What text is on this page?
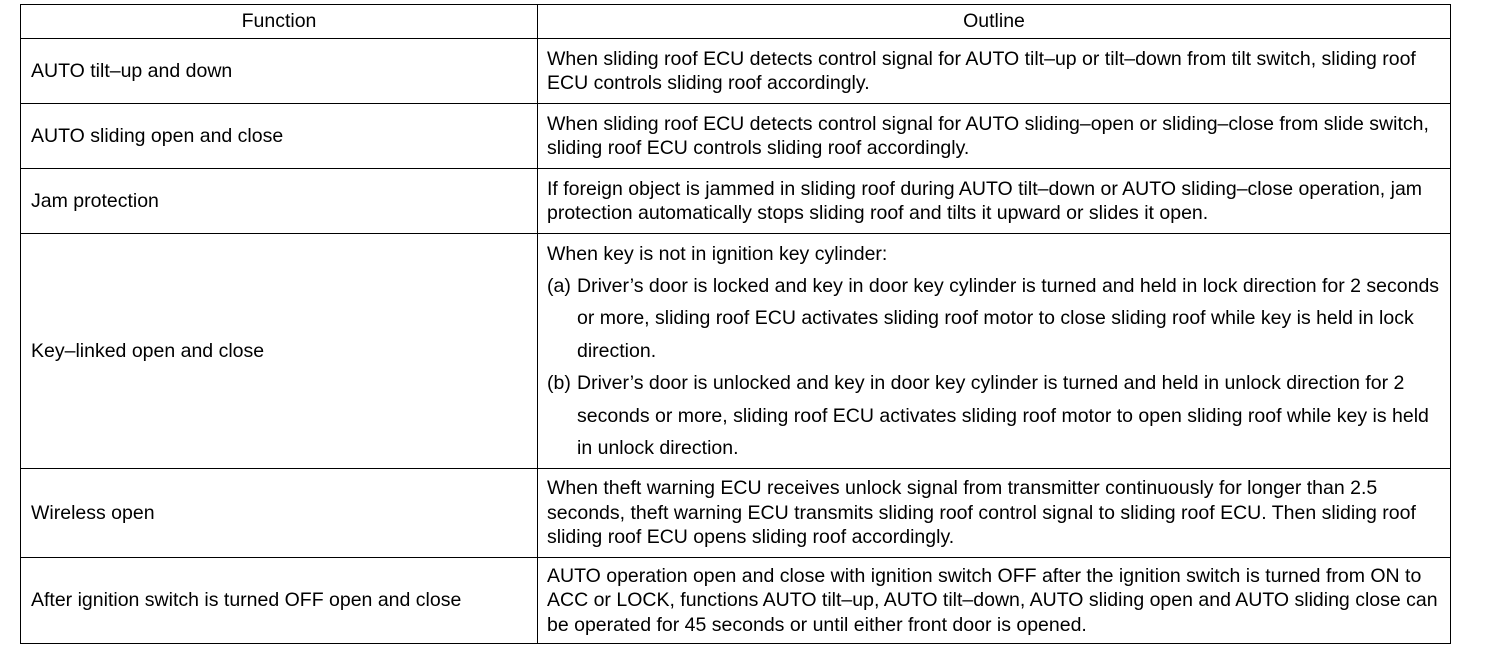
Function	Outline
AUTO tilt–up and down	When sliding roof ECU detects control signal for AUTO tilt–up or tilt–down from tilt switch, sliding roof ECU controls sliding roof accordingly.
AUTO sliding open and close	When sliding roof ECU detects control signal for AUTO sliding–open or sliding–close from slide switch, sliding roof ECU controls sliding roof accordingly.
Jam protection	If foreign object is jammed in sliding roof during AUTO tilt–down or AUTO sliding–close operation, jam protection automatically stops sliding roof and tilts it upward or slides it open.
Key–linked open and close	When key is not in ignition key cylinder:
(a) Driver’s door is locked and key in door key cylinder is turned and held in lock direction for 2 seconds or more, sliding roof ECU activates sliding roof motor to close sliding roof while key is held in lock direction.
(b) Driver’s door is unlocked and key in door key cylinder is turned and held in unlock direction for 2 seconds or more, sliding roof ECU activates sliding roof motor to open sliding roof while key is held in unlock direction.

Wireless open	When theft warning ECU receives unlock signal from transmitter continuously for longer than 2.5 seconds, theft warning ECU transmits sliding roof control signal to sliding roof ECU. Then sliding roof sliding roof ECU opens sliding roof accordingly.
After ignition switch is turned OFF open and close	AUTO operation open and close with ignition switch OFF after the ignition switch is turned from ON to ACC or LOCK, functions AUTO tilt–up, AUTO tilt–down, AUTO sliding open and AUTO sliding close can be operated for 45 seconds or until either front door is opened.
